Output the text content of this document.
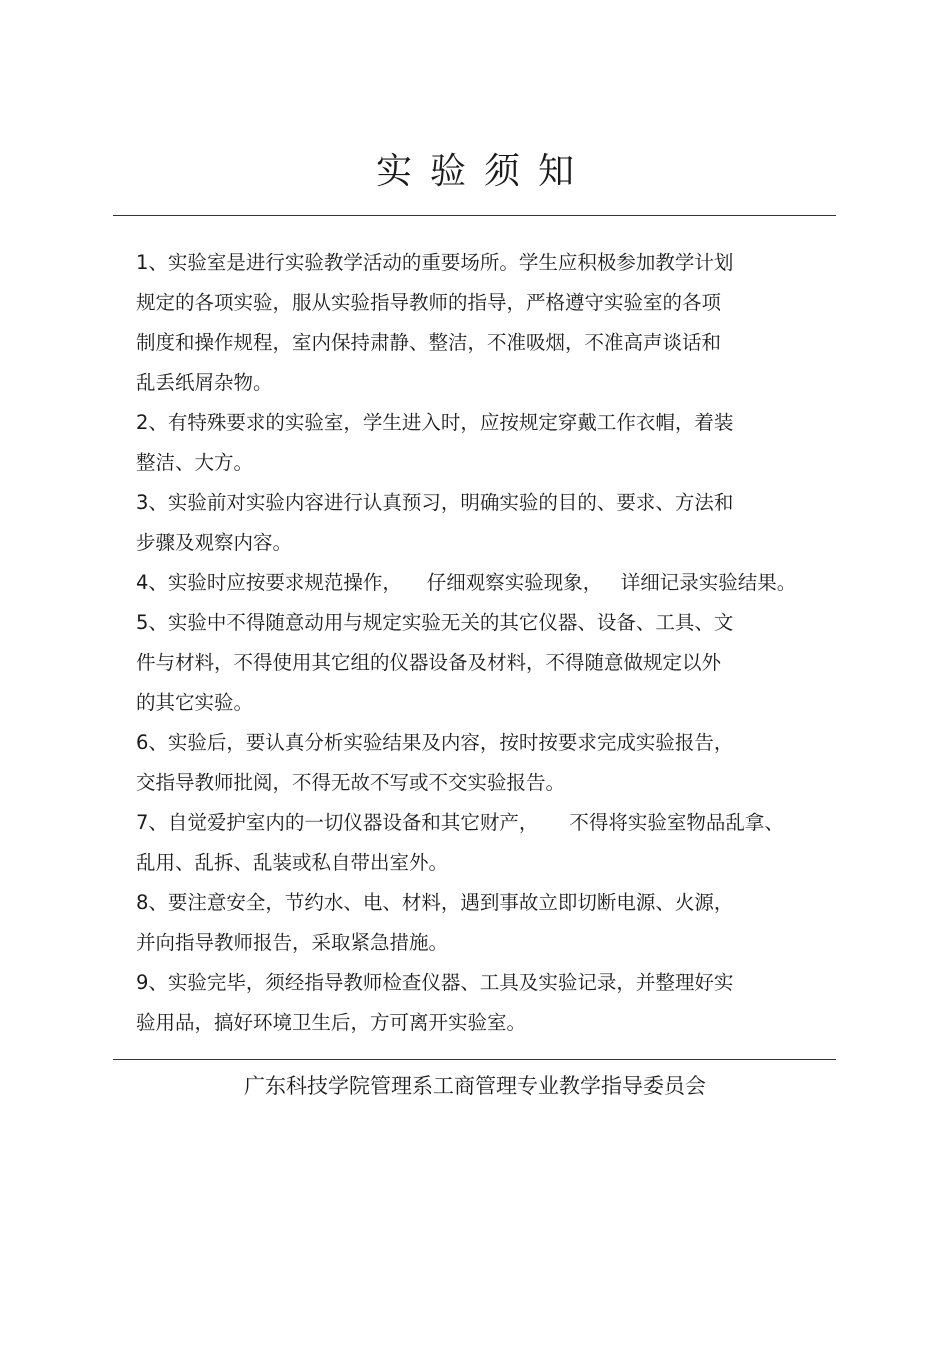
实验须知
1、实验室是进行实验教学活动的重要场所。学生应积极参加教学计划
规定的各项实验，服从实验指导教师的指导，严格遵守实验室的各项
制度和操作规程，室内保持肃静、整洁，不准吸烟，不准高声谈话和
乱丢纸屑杂物。
2、有特殊要求的实验室，学生进入时，应按规定穿戴工作衣帽，着装
整洁、大方。
3、实验前对实验内容进行认真预习，明确实验的目的、要求、方法和
步骤及观察内容。
4、实验时应按要求规范操作，    仔细观察实验现象，   详细记录实验结果。
5、实验中不得随意动用与规定实验无关的其它仪器、设备、工具、文
件与材料，不得使用其它组的仪器设备及材料，不得随意做规定以外
的其它实验。
6、实验后，要认真分析实验结果及内容，按时按要求完成实验报告，
交指导教师批阅，不得无故不写或不交实验报告。
7、自觉爱护室内的一切仪器设备和其它财产，     不得将实验室物品乱拿、
乱用、乱拆、乱装或私自带出室外。
8、要注意安全，节约水、电、材料，遇到事故立即切断电源、火源，
并向指导教师报告，采取紧急措施。
9、实验完毕，须经指导教师检查仪器、工具及实验记录，并整理好实
验用品，搞好环境卫生后，方可离开实验室。
广东科技学院管理系工商管理专业教学指导委员会
